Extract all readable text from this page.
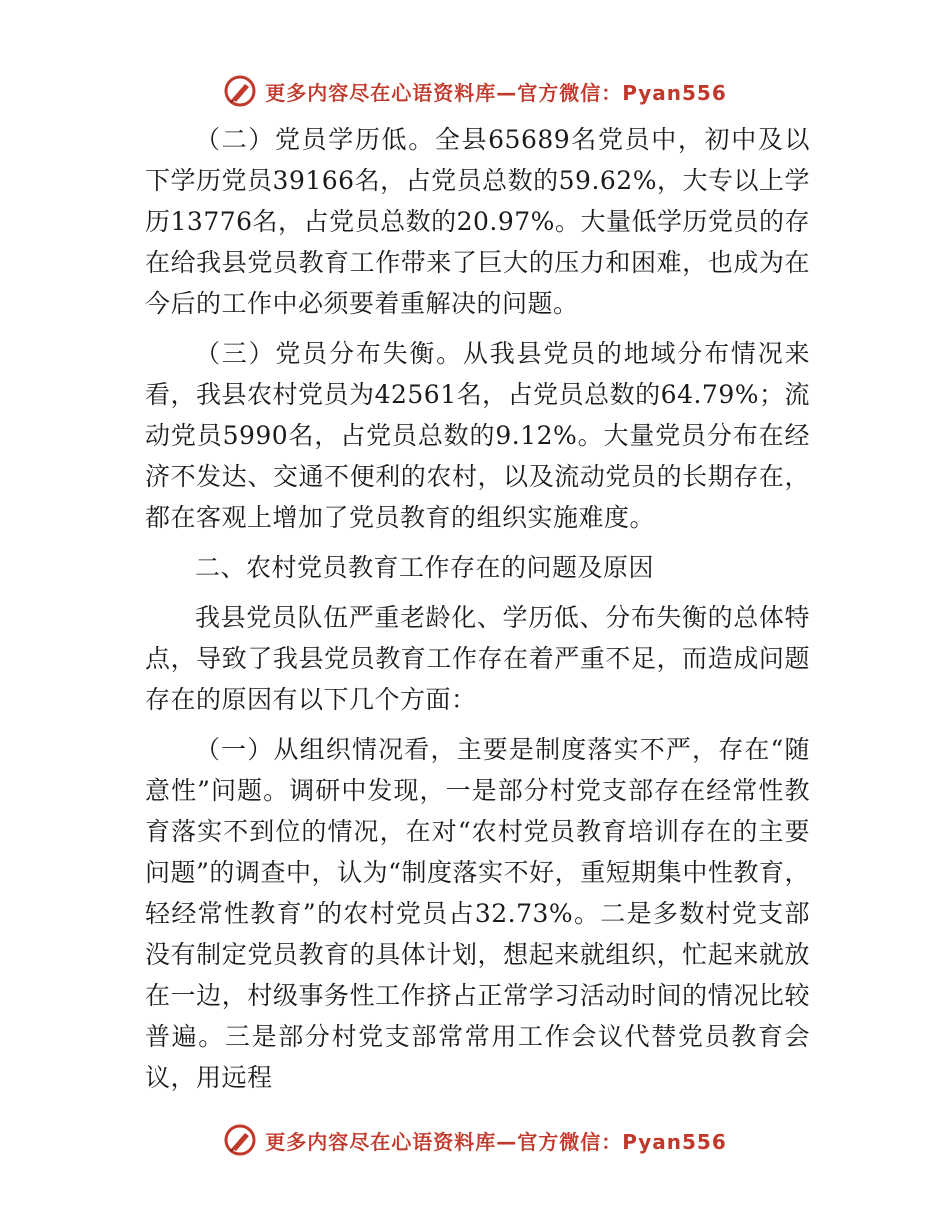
更多内容尽在心语资料库—官方微信：Pyan556

（二）党员学历低。全县65689名党员中，初中及以下学历党员39166名，占党员总数的59.62%，大专以上学历13776名，占党员总数的20.97%。大量低学历党员的存在给我县党员教育工作带来了巨大的压力和困难，也成为在今后的工作中必须要着重解决的问题。

（三）党员分布失衡。从我县党员的地域分布情况来看，我县农村党员为42561名，占党员总数的64.79%；流动党员5990名，占党员总数的9.12%。大量党员分布在经济不发达、交通不便利的农村，以及流动党员的长期存在，都在客观上增加了党员教育的组织实施难度。

二、农村党员教育工作存在的问题及原因

我县党员队伍严重老龄化、学历低、分布失衡的总体特点，导致了我县党员教育工作存在着严重不足，而造成问题存在的原因有以下几个方面：

（一）从组织情况看，主要是制度落实不严，存在“随意性”问题。调研中发现，一是部分村党支部存在经常性教育落实不到位的情况，在对“农村党员教育培训存在的主要问题”的调查中，认为“制度落实不好，重短期集中性教育，轻经常性教育”的农村党员占32.73%。二是多数村党支部没有制定党员教育的具体计划，想起来就组织，忙起来就放在一边，村级事务性工作挤占正常学习活动时间的情况比较普遍。三是部分村党支部常常用工作会议代替党员教育会议，用远程

更多内容尽在心语资料库—官方微信：Pyan556
